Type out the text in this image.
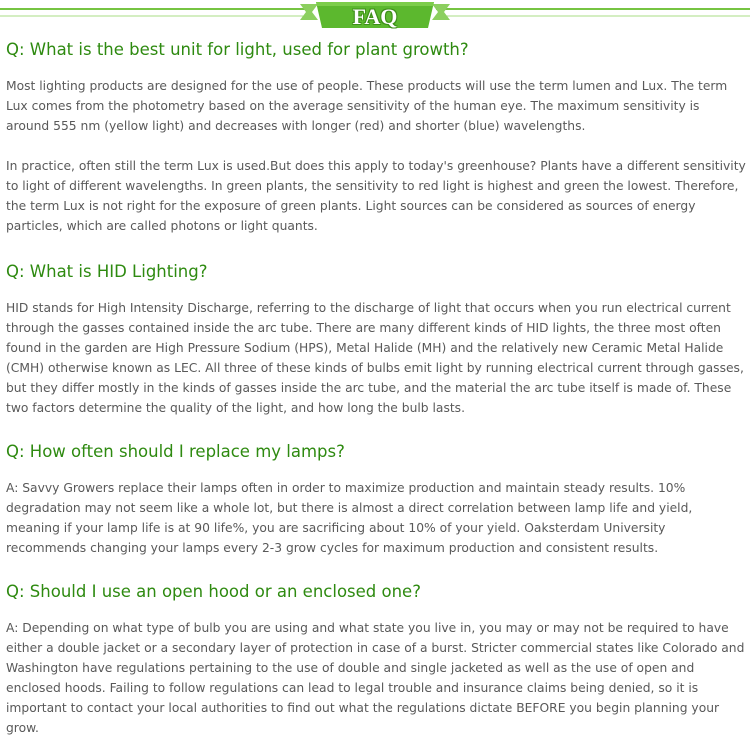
FAQ
Q: What is the best unit for light, used for plant growth?

Most lighting products are designed for the use of people. These products will use the term lumen and Lux. The term Lux comes from the photometry based on the average sensitivity of the human eye. The maximum sensitivity is around 555 nm (yellow light) and decreases with longer (red) and shorter (blue) wavelengths.

In practice, often still the term Lux is used.But does this apply to today's greenhouse? Plants have a different sensitivity to light of different wavelengths. In green plants, the sensitivity to red light is highest and green the lowest. Therefore, the term Lux is not right for the exposure of green plants. Light sources can be considered as sources of energy particles, which are called photons or light quants.

Q: What is HID Lighting?

HID stands for High Intensity Discharge, referring to the discharge of light that occurs when you run electrical current through the gasses contained inside the arc tube. There are many different kinds of HID lights, the three most often found in the garden are High Pressure Sodium (HPS), Metal Halide (MH) and the relatively new Ceramic Metal Halide (CMH) otherwise known as LEC. All three of these kinds of bulbs emit light by running electrical current through gasses, but they differ mostly in the kinds of gasses inside the arc tube, and the material the arc tube itself is made of. These two factors determine the quality of the light, and how long the bulb lasts.

Q: How often should I replace my lamps?

A: Savvy Growers replace their lamps often in order to maximize production and maintain steady results. 10% degradation may not seem like a whole lot, but there is almost a direct correlation between lamp life and yield, meaning if your lamp life is at 90 life%, you are sacrificing about 10% of your yield. Oaksterdam University recommends changing your lamps every 2-3 grow cycles for maximum production and consistent results.

Q: Should I use an open hood or an enclosed one?

A: Depending on what type of bulb you are using and what state you live in, you may or may not be required to have either a double jacket or a secondary layer of protection in case of a burst. Stricter commercial states like Colorado and Washington have regulations pertaining to the use of double and single jacketed as well as the use of open and enclosed hoods. Failing to follow regulations can lead to legal trouble and insurance claims being denied, so it is important to contact your local authorities to find out what the regulations dictate BEFORE you begin planning your grow.
